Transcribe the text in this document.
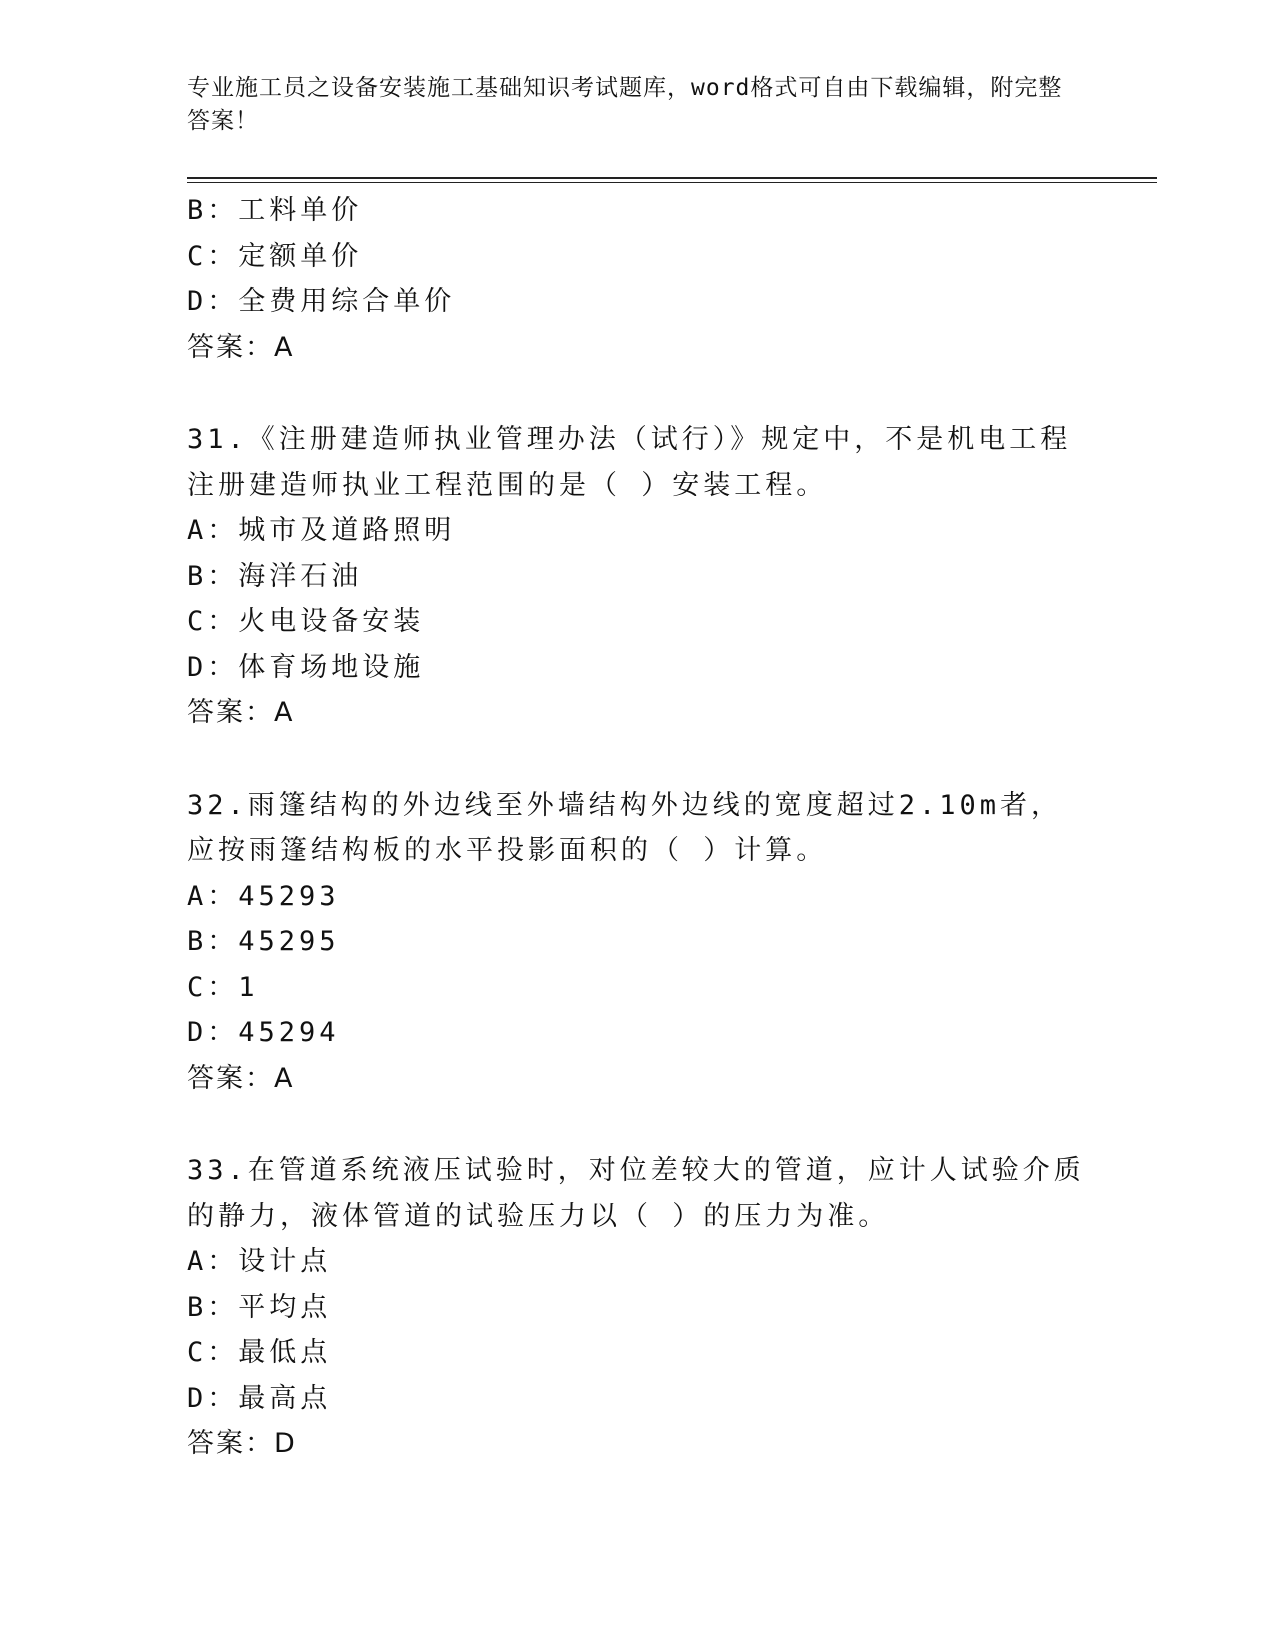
专业施工员之设备安装施工基础知识考试题库，word格式可自由下载编辑，附完整答案！
B：工料单价
C：定额单价
D：全费用综合单价
答案：A
31.《注册建造师执业管理办法（试行）》规定中，不是机电工程注册建造师执业工程范围的是（ ）安装工程。
A：城市及道路照明
B：海洋石油
C：火电设备安装
D：体育场地设施
答案：A
32.雨篷结构的外边线至外墙结构外边线的宽度超过2.10m者，应按雨篷结构板的水平投影面积的（ ）计算。
A：45293
B：45295
C：1
D：45294
答案：A
33.在管道系统液压试验时，对位差较大的管道，应计人试验介质的静力，液体管道的试验压力以（ ）的压力为准。
A：设计点
B：平均点
C：最低点
D：最高点
答案：D
